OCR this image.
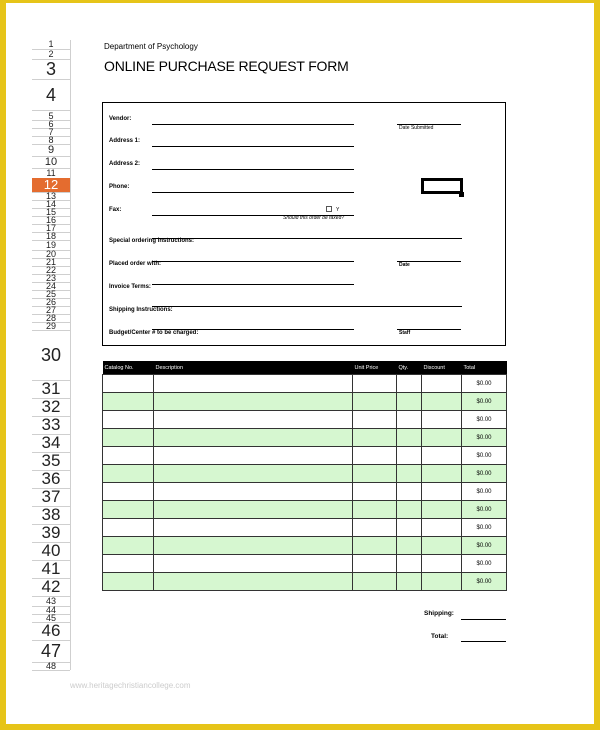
1
2
3
4
5
6
7
8
9
10
11
12
13
14
15
16
17
18
19
20
21
22
23
24
25
26
27
28
29
30
31
32
33
34
35
36
37
38
39
40
41
42
43
44
45
46
47
48
Department of Psychology
ONLINE PURCHASE REQUEST FORM
Vendor:
Date Submitted
Address 1:
Address 2:
Phone:
Fax:	Y
Should this order be faxed?
Special ordering instructions:
Placed order with:	Date
Invoice Terms:
Shipping Instructions:
Budget/Center # to be charged:	Staff
Catalog No.	Description	Unit Price	Qty.	Discount	Total
					$0.00
					$0.00
					$0.00
					$0.00
					$0.00
					$0.00
					$0.00
					$0.00
					$0.00
					$0.00
					$0.00
					$0.00
Shipping:
Total:
www.heritagechristiancollege.com
